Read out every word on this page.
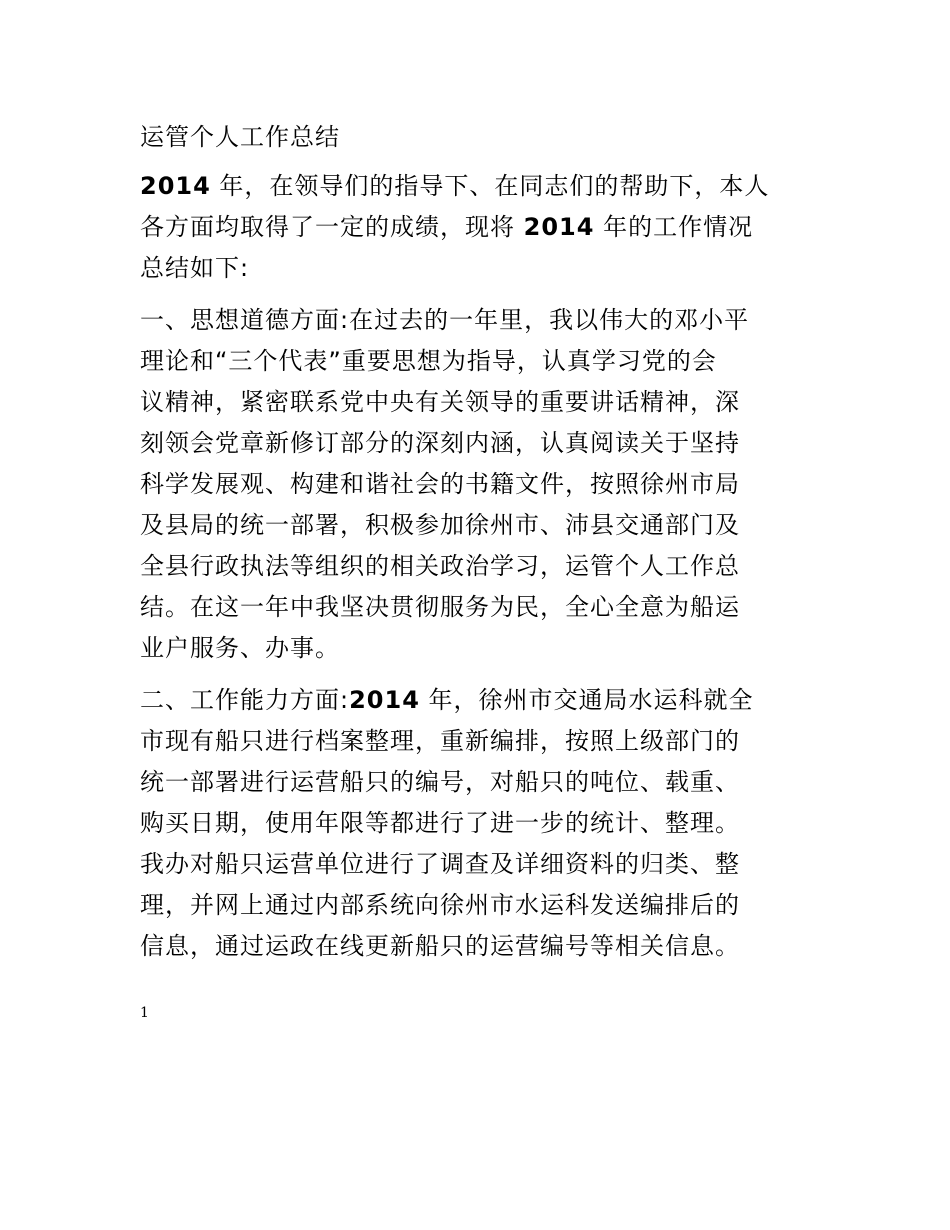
运管个人工作总结
2014 年，在领导们的指导下、在同志们的帮助下，本人
各方面均取得了一定的成绩，现将 2014 年的工作情况
总结如下:
一、思想道德方面:在过去的一年里，我以伟大的邓小平
理论和“三个代表”重要思想为指导，认真学习党的会
议精神，紧密联系党中央有关领导的重要讲话精神，深
刻领会党章新修订部分的深刻内涵，认真阅读关于坚持
科学发展观、构建和谐社会的书籍文件，按照徐州市局
及县局的统一部署，积极参加徐州市、沛县交通部门及
全县行政执法等组织的相关政治学习，运管个人工作总
结。在这一年中我坚决贯彻服务为民，全心全意为船运
业户服务、办事。
二、工作能力方面:2014 年，徐州市交通局水运科就全
市现有船只进行档案整理，重新编排，按照上级部门的
统一部署进行运营船只的编号，对船只的吨位、载重、
购买日期，使用年限等都进行了进一步的统计、整理。
我办对船只运营单位进行了调查及详细资料的归类、整
理，并网上通过内部系统向徐州市水运科发送编排后的
信息，通过运政在线更新船只的运营编号等相关信息。
1
